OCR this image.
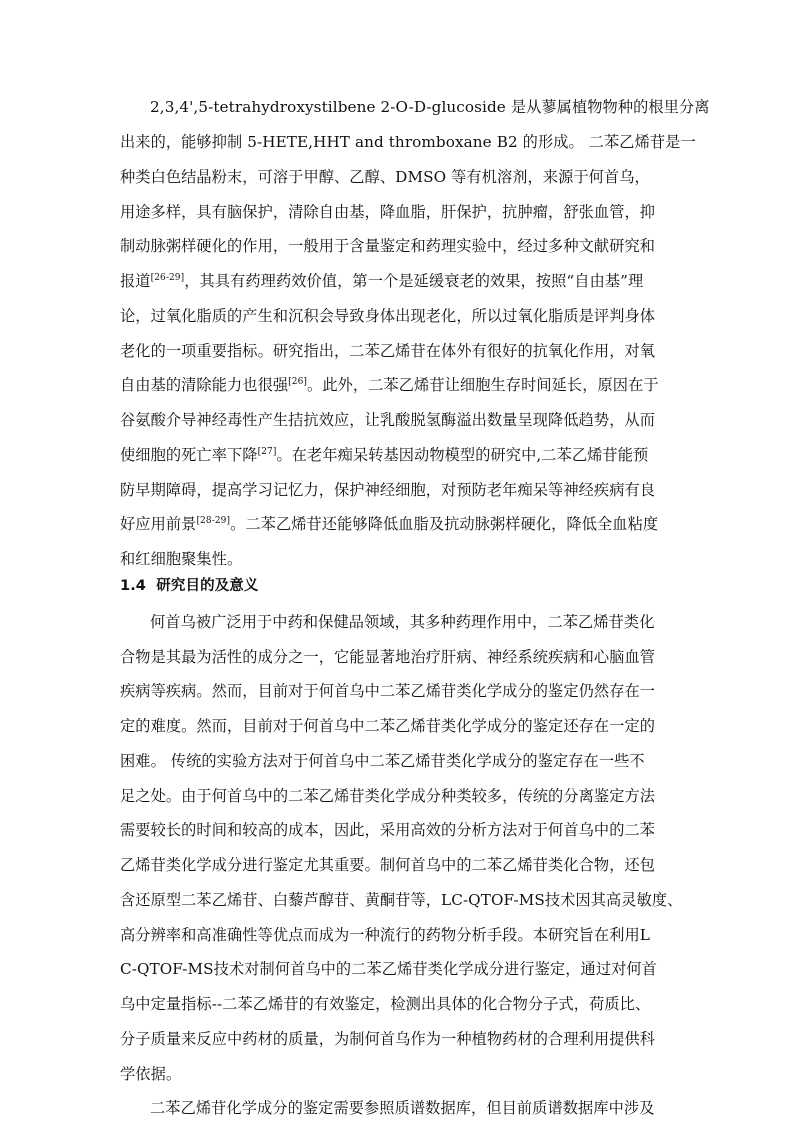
2,3,4',5-tetrahydroxystilbene 2-O-D-glucoside 是从蓼属植物物种的根里分离
出来的，能够抑制 5-HETE,HHT and thromboxane B2 的形成。 二苯乙烯苷是一
种类白色结晶粉末，可溶于甲醇、乙醇、DMSO 等有机溶剂，来源于何首乌，
用途多样，具有脑保护，清除自由基，降血脂，肝保护，抗肿瘤，舒张血管，抑
制动脉粥样硬化的作用，一般用于含量鉴定和药理实验中，经过多种文献研究和
报道[26-29]，其具有药理药效价值，第一个是延缓衰老的效果，按照“自由基”理
论，过氧化脂质的产生和沉积会导致身体出现老化，所以过氧化脂质是评判身体
老化的一项重要指标。研究指出，二苯乙烯苷在体外有很好的抗氧化作用，对氧
自由基的清除能力也很强[26]。此外，二苯乙烯苷让细胞生存时间延长，原因在于
谷氨酸介导神经毒性产生拮抗效应，让乳酸脱氢酶溢出数量呈现降低趋势，从而
使细胞的死亡率下降[27]。在老年痴呆转基因动物模型的研究中,二苯乙烯苷能预
防早期障碍，提高学习记忆力，保护神经细胞，对预防老年痴呆等神经疾病有良
好应用前景[28-29]。二苯乙烯苷还能够降低血脂及抗动脉粥样硬化，降低全血粘度
和红细胞聚集性。
1.4 研究目的及意义
何首乌被广泛用于中药和保健品领域，其多种药理作用中，二苯乙烯苷类化
合物是其最为活性的成分之一，它能显著地治疗肝病、神经系统疾病和心脑血管
疾病等疾病。然而，目前对于何首乌中二苯乙烯苷类化学成分的鉴定仍然存在一
定的难度。然而，目前对于何首乌中二苯乙烯苷类化学成分的鉴定还存在一定的
困难。 传统的实验方法对于何首乌中二苯乙烯苷类化学成分的鉴定存在一些不
足之处。由于何首乌中的二苯乙烯苷类化学成分种类较多，传统的分离鉴定方法
需要较长的时间和较高的成本，因此，采用高效的分析方法对于何首乌中的二苯
乙烯苷类化学成分进行鉴定尤其重要。制何首乌中的二苯乙烯苷类化合物，还包
含还原型二苯乙烯苷、白藜芦醇苷、黄酮苷等，LC-QTOF-MS技术因其高灵敏度、
高分辨率和高准确性等优点而成为一种流行的药物分析手段。本研究旨在利用L
C-QTOF-MS技术对制何首乌中的二苯乙烯苷类化学成分进行鉴定，通过对何首
乌中定量指标--二苯乙烯苷的有效鉴定，检测出具体的化合物分子式，荷质比、
分子质量来反应中药材的质量，为制何首乌作为一种植物药材的合理利用提供科
学依据。
二苯乙烯苷化学成分的鉴定需要参照质谱数据库，但目前质谱数据库中涉及
